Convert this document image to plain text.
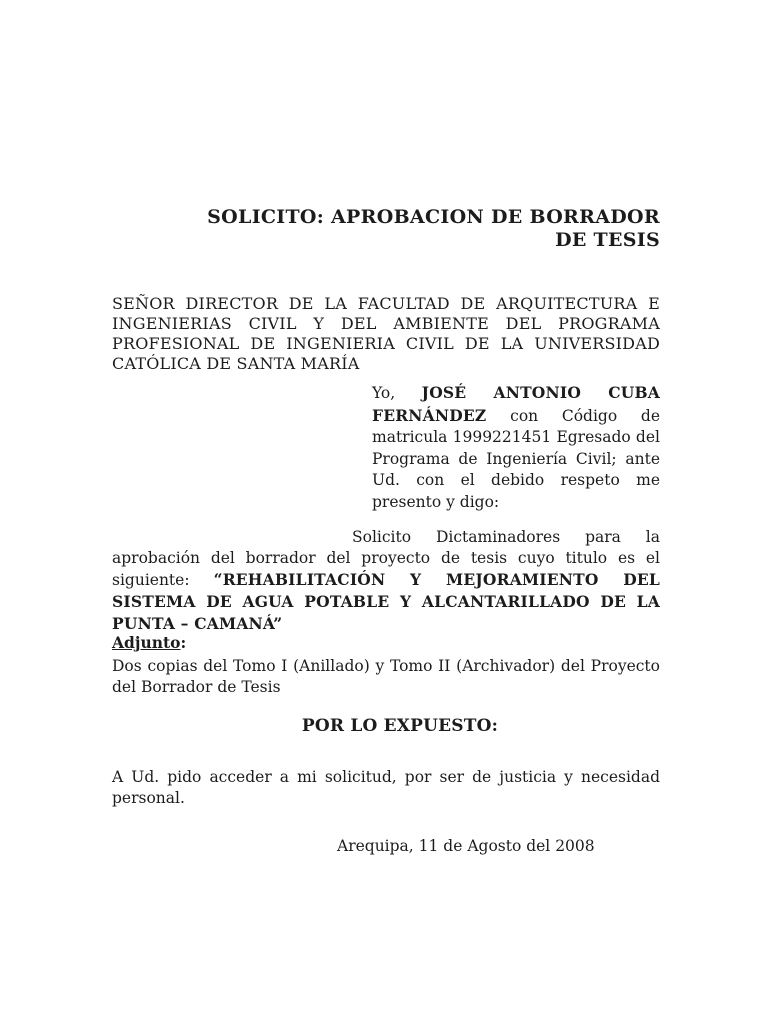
SOLICITO: APROBACION DE BORRADOR DE TESIS
SEÑOR DIRECTOR DE LA FACULTAD DE ARQUITECTURA E INGENIERIAS CIVIL Y DEL AMBIENTE DEL PROGRAMA PROFESIONAL DE INGENIERIA CIVIL DE LA UNIVERSIDAD CATÓLICA DE SANTA MARÍA
Yo, JOSÉ ANTONIO CUBA FERNÁNDEZ con Código de matricula 1999221451 Egresado del Programa de Ingeniería Civil; ante Ud. con el debido respeto me presento y digo:
Solicito Dictaminadores para la aprobación del borrador del proyecto de tesis cuyo titulo es el siguiente: “REHABILITACIÓN Y MEJORAMIENTO DEL SISTEMA DE AGUA POTABLE Y ALCANTARILLADO DE LA PUNTA – CAMANÁ”
Adjunto:
Dos copias del Tomo I (Anillado) y Tomo II (Archivador) del Proyecto del Borrador de Tesis
POR LO EXPUESTO:
A Ud. pido acceder a mi solicitud, por ser de justicia y necesidad personal.
Arequipa, 11 de Agosto del 2008
